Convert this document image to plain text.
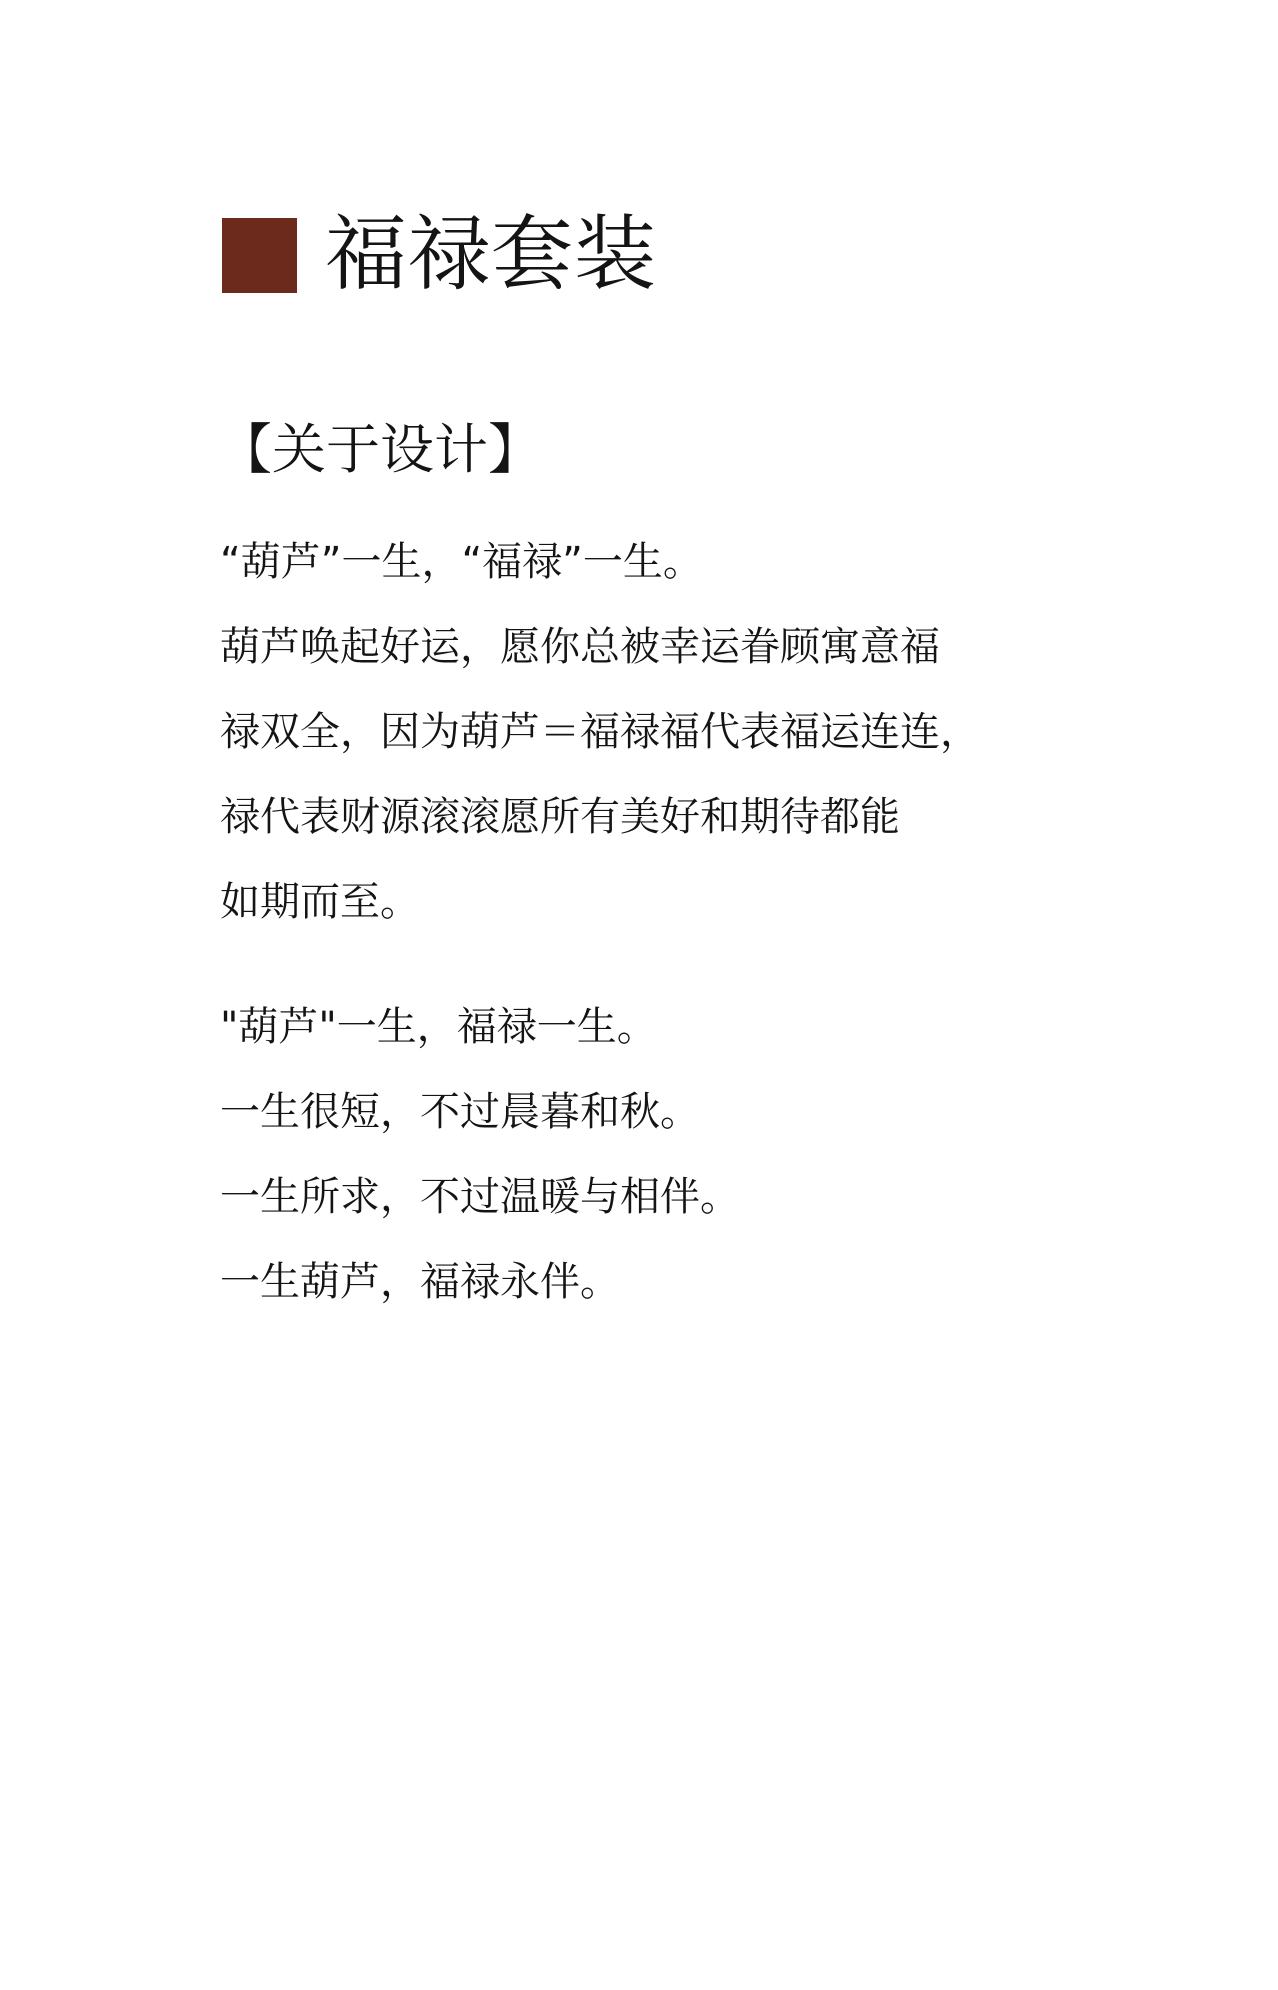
福禄套装
【关于设计】
“葫芦”一生，“福禄”一生。
葫芦唤起好运，愿你总被幸运眷顾寓意福
禄双全，因为葫芦＝福禄福代表福运连连，
禄代表财源滚滚愿所有美好和期待都能
如期而至。
"葫芦"一生，福禄一生。
一生很短，不过晨暮和秋。
一生所求，不过温暖与相伴。
一生葫芦，福禄永伴。
